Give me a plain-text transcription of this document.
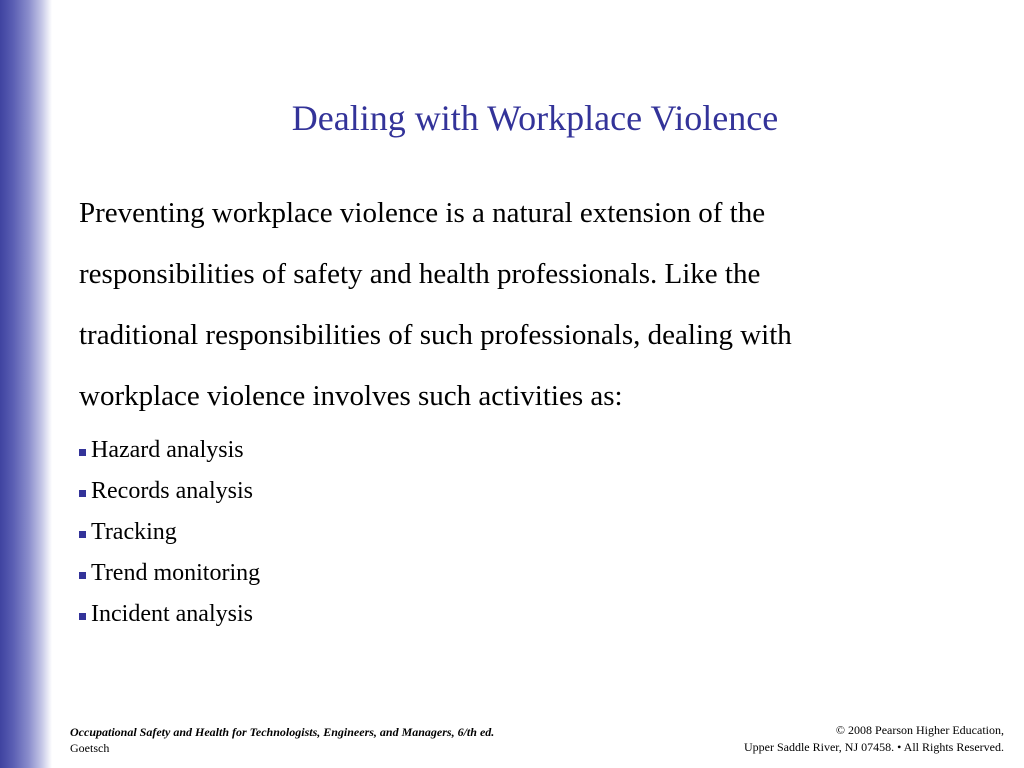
Dealing with Workplace Violence
Preventing workplace violence is a natural extension of the
responsibilities of safety and health professionals. Like the
traditional responsibilities of such professionals, dealing with
workplace violence involves such activities as:
Hazard analysis
Records analysis
Tracking
Trend monitoring
Incident analysis
Occupational Safety and Health for Technologists, Engineers, and Managers, 6/th ed.
Goetsch
© 2008 Pearson Higher Education,
Upper Saddle River, NJ 07458. • All Rights Reserved.
